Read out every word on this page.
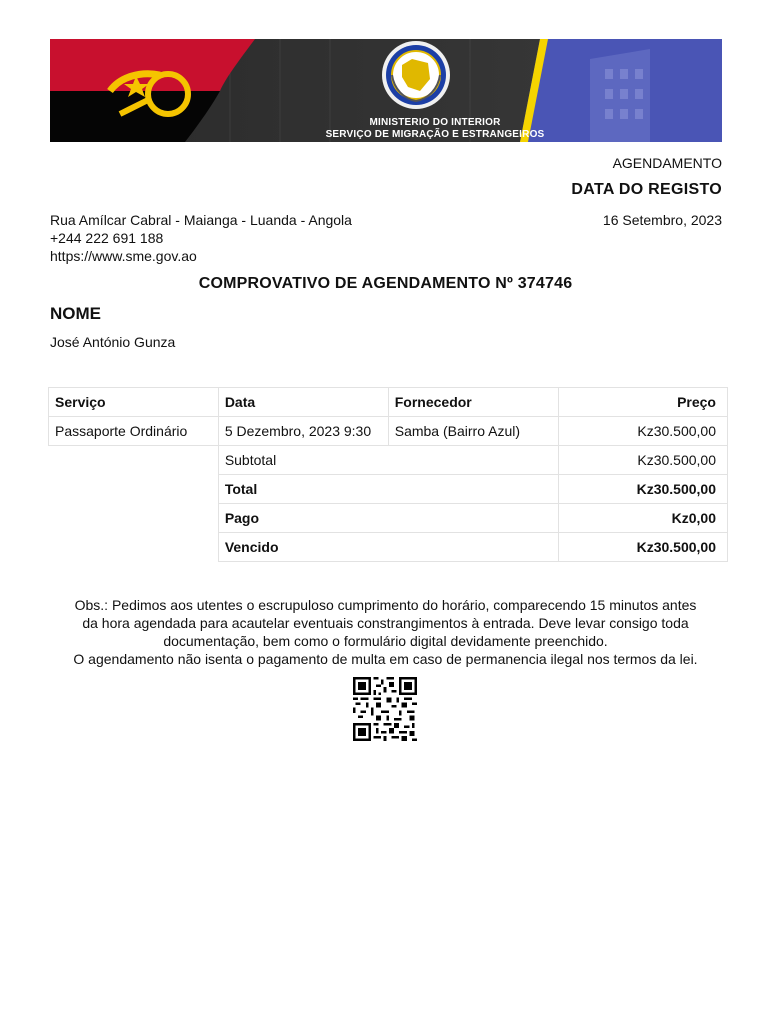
MINISTERIO DO INTERIOR
SERVIÇO DE MIGRAÇÃO E ESTRANGEIROS
AGENDAMENTO
DATA DO REGISTO
16 Setembro, 2023
Rua Amílcar Cabral - Maianga - Luanda - Angola
+244 222 691 188
https://www.sme.gov.ao
COMPROVATIVO DE AGENDAMENTO Nº 374746
NOME
José António Gunza
Serviço	Data	Fornecedor	Preço
Passaporte Ordinário	5 Dezembro, 2023 9:30	Samba (Bairro Azul)	Kz30.500,00
	Subtotal		Kz30.500,00
	Total		Kz30.500,00
	Pago		Kz0,00
	Vencido		Kz30.500,00
Obs.: Pedimos aos utentes o escrupuloso cumprimento do horário, comparecendo 15 minutos antes
da hora agendada para acautelar eventuais constrangimentos à entrada. Deve levar consigo toda
documentação, bem como o formulário digital devidamente preenchido.
O agendamento não isenta o pagamento de multa em caso de permanencia ilegal nos termos da lei.
